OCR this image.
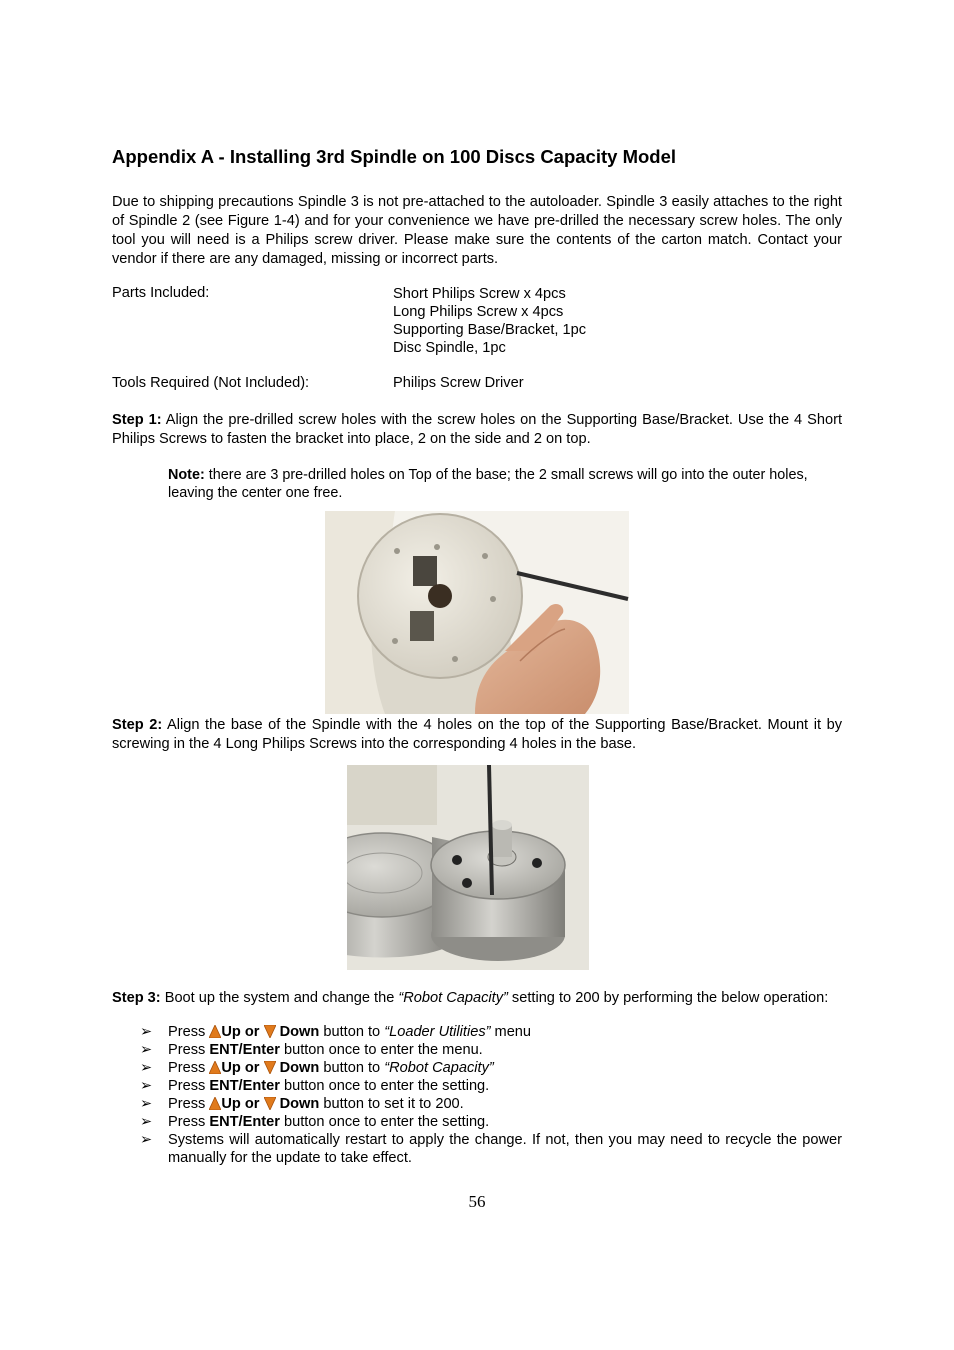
Appendix A - Installing 3rd Spindle on 100 Discs Capacity Model
Due to shipping precautions Spindle 3 is not pre-attached to the autoloader. Spindle 3 easily attaches to the right of Spindle 2 (see Figure 1-4) and for your convenience we have pre-drilled the necessary screw holes. The only tool you will need is a Philips screw driver. Please make sure the contents of the carton match. Contact your vendor if there are any damaged, missing or incorrect parts.
Parts Included:	Short Philips Screw x 4pcs
Long Philips Screw x 4pcs
Supporting Base/Bracket, 1pc
Disc Spindle, 1pc
Tools Required (Not Included):	Philips Screw Driver
Step 1: Align the pre-drilled screw holes with the screw holes on the Supporting Base/Bracket. Use the 4 Short Philips Screws to fasten the bracket into place, 2 on the side and 2 on top.
Note: there are 3 pre-drilled holes on Top of the base; the 2 small screws will go into the outer holes, leaving the center one free.
Step 2: Align the base of the Spindle with the 4 holes on the top of the Supporting Base/Bracket. Mount it by screwing in the 4 Long Philips Screws into the corresponding 4 holes in the base.
Step 3: Boot up the system and change the “Robot Capacity” setting to 200 by performing the below operation:
➢ Press Up or  Down button to “Loader Utilities” menu
➢ Press ENT/Enter button once to enter the menu.
➢ Press Up or  Down button to “Robot Capacity”
➢ Press ENT/Enter button once to enter the setting.
➢ Press Up or  Down button to set it to 200.
➢ Press ENT/Enter button once to enter the setting.
➢ Systems will automatically restart to apply the change. If not, then you may need to recycle the power manually for the update to take effect.
56
